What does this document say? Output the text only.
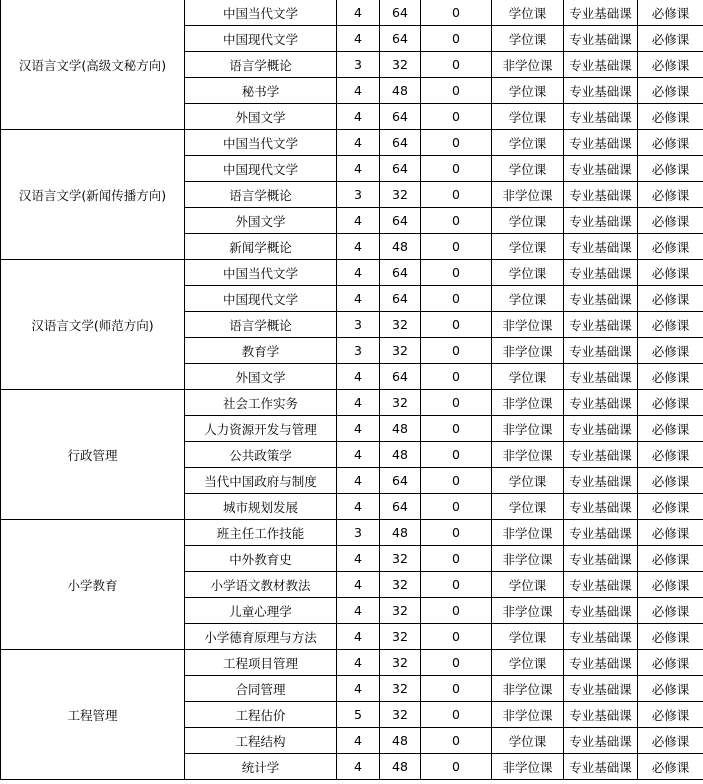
汉语言文学(高级文秘方向)	中国当代文学	4	64	0	学位课	专业基础课	必修课
	中国现代文学	4	64	0	学位课	专业基础课	必修课
	语言学概论	3	32	0	非学位课	专业基础课	必修课
	秘书学	4	48	0	学位课	专业基础课	必修课
	外国文学	4	64	0	学位课	专业基础课	必修课
汉语言文学(新闻传播方向)	中国当代文学	4	64	0	学位课	专业基础课	必修课
	中国现代文学	4	64	0	学位课	专业基础课	必修课
	语言学概论	3	32	0	非学位课	专业基础课	必修课
	外国文学	4	64	0	学位课	专业基础课	必修课
	新闻学概论	4	48	0	学位课	专业基础课	必修课
汉语言文学(师范方向)	中国当代文学	4	64	0	学位课	专业基础课	必修课
	中国现代文学	4	64	0	学位课	专业基础课	必修课
	语言学概论	3	32	0	非学位课	专业基础课	必修课
	教育学	3	32	0	非学位课	专业基础课	必修课
	外国文学	4	64	0	学位课	专业基础课	必修课
行政管理	社会工作实务	4	32	0	非学位课	专业基础课	必修课
	人力资源开发与管理	4	48	0	非学位课	专业基础课	必修课
	公共政策学	4	48	0	非学位课	专业基础课	必修课
	当代中国政府与制度	4	64	0	学位课	专业基础课	必修课
	城市规划发展	4	64	0	学位课	专业基础课	必修课
小学教育	班主任工作技能	3	48	0	非学位课	专业基础课	必修课
	中外教育史	4	32	0	非学位课	专业基础课	必修课
	小学语文教材教法	4	32	0	学位课	专业基础课	必修课
	儿童心理学	4	32	0	非学位课	专业基础课	必修课
	小学德育原理与方法	4	32	0	学位课	专业基础课	必修课
工程管理	工程项目管理	4	32	0	学位课	专业基础课	必修课
	合同管理	4	32	0	非学位课	专业基础课	必修课
	工程估价	5	32	0	非学位课	专业基础课	必修课
	工程结构	4	48	0	学位课	专业基础课	必修课
	统计学	4	48	0	非学位课	专业基础课	必修课
